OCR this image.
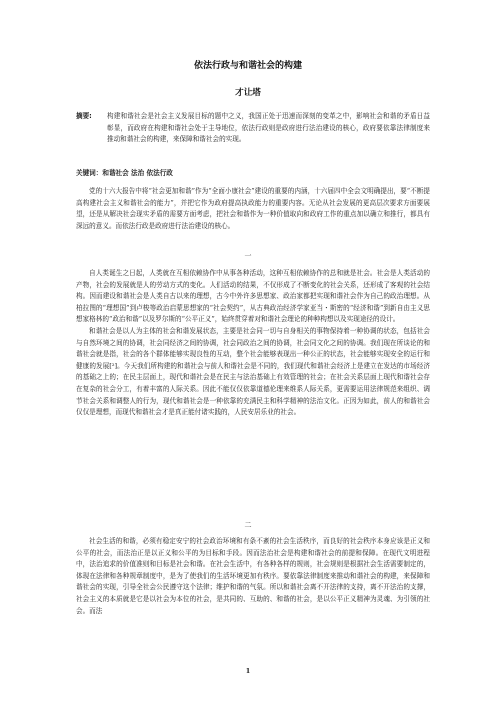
依法行政与和谐社会的构建
才让塔
摘要: 构建和谐社会是社会主义发展目标的题中之义，我国正处于迅速而深刻的变革之中，影响社会和谐的矛盾日益彰显，而政府在构建和谐社会处于主导地位，依法行政则是政府进行法治建设的核心，政府要依靠法律制度来推动和谐社会的构建，来保障和谐社会的实现。
关键词：和谐社会 法治 依法行政

党的十六大报告中将“社会更加和谐”作为“全面小康社会”建设的重要的内涵，十六届四中全会文明确提出，要“不断提高构建社会主义和谐社会的能力”，并把它作为政府提高执政能力的重要内容。无论从社会发展的更高层次要求方面要展望，还是从解决社会现实矛盾的需要方面考虑，把社会和谐作为一种价值取向和政府工作的重点加以确立和推行，都具有深远的意义。而依法行政是政府进行法治建设的核心。

一

自人类诞生之日起，人类就在互相依赖协作中从事各种活动，这种互相依赖协作的总和就是社会。社会是人类活动的产物，社会的发展就是人的劳动方式的变化。人们活动的结果，不仅形成了不断变化的社会关系，还形成了客观的社会结构。因而建设和谐社会是人类自古以来的理想，古今中外许多思想家、政治家都把实现和谐社会作为自己的政治理想。从柏拉图的“理想国”到卢梭等政治启蒙思想家的“社会契约”，从古典政治经济学家亚当・斯密的“经济和谐”到新自由主义思想家格林的“政治和谐”以及罗尔斯的“公平正义”，始终贯穿着对和谐社会理论的种种构想以及实现途径的设计。

和谐社会是以人为主体的社会和谐发展状态，主要是社会同一切与自身相关的事物保持着一种协调的状态，包括社会与自然环境之间的协调，社会同经济之间的协调，社会同政治之间的协调，社会同文化之间的协调。我们现在所谈论的和谐社会就是指，社会的各个群体能够实现良性的互动，整个社会能够表现出一种公正的状态，社会能够实现安全的运行和健康的发展[²]。今天我们所构建的和谐社会与前人和谐社会是不同的，我们现代和谐社会经济上是建立在发达的市场经济的基础之上的；在民主层面上，现代和谐社会是在民主与法治基础上有效管理的社会；在社会关系层面上现代和谐社会存在复杂的社会分工，有着丰富的人际关系。因此不能仅仅依靠道德伦理来维系人际关系，更需要运用法律规范来组织、调节社会关系和调整人的行为，现代和谐社会是一种依靠的充满民主和科学精神的法治文化。正因为如此，前人的和谐社会仅仅是理想，而现代和谐社会才是真正能付诸实践的，人民安居乐业的社会。

二

社会生活的和谐，必须有稳定安宁的社会政治环境和有条不紊的社会生活秩序，而良好的社会秩序本身应该是正义和公平的社会，而法治正是以正义和公平的为目标和手段。因而法治社会是构建和谐社会的前提和保障。在现代文明进程中，法治追求的价值准则和目标是社会和谐。在社会生活中，有各种各样的规则，社会规则是根据社会生活需要制定的，体现在法律和各种规章制度中，是为了使我们的生活环境更加有秩序。要依靠法律制度来推动和谐社会的构建，来保障和谐社会的实现，引导全社会公民遵守这个法律；维护和谐的气氛。所以和谐社会离不开法律的支持，离不开法治的支撑，社会主义的本质就是它是以社会为本位的社会，是共同的、互助的、和谐的社会，是以公平正义精神为灵魂、为引领的社会。而法

1
